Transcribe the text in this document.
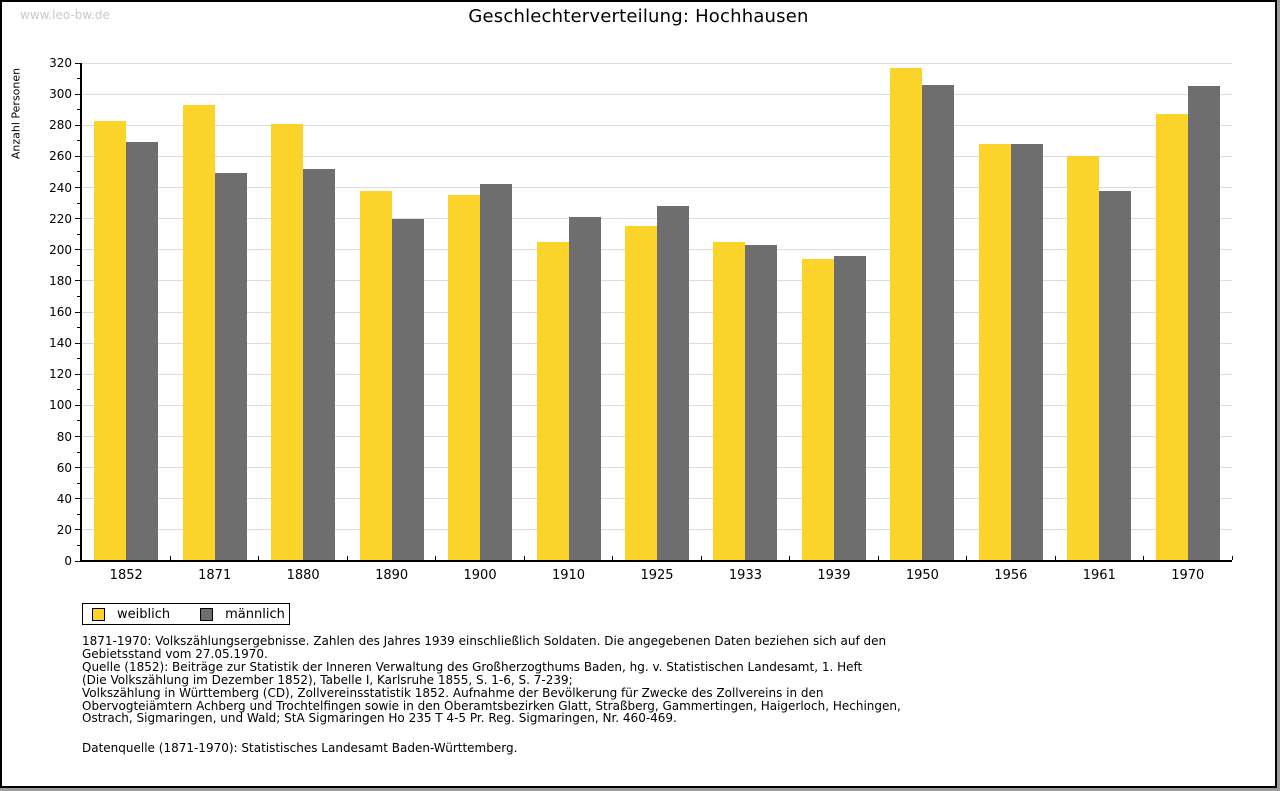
www.leo-bw.de	Geschlechterverteilung: Hochhausen
Anzahl Personen
0
20
40
60
80
100
120
140
160
180
200
220
240
260
280
300
320
1852	1871	1880	1890	1900	1910	1925	1933	1939	1950	1956	1961	1970
weiblich	männlich
1871-1970: Volkszählungsergebnisse. Zahlen des Jahres 1939 einschließlich Soldaten. Die angegebenen Daten beziehen sich auf den
Gebietsstand vom 27.05.1970.
Quelle (1852): Beiträge zur Statistik der Inneren Verwaltung des Großherzogthums Baden, hg. v. Statistischen Landesamt, 1. Heft
(Die Volkszählung im Dezember 1852), Tabelle I, Karlsruhe 1855, S. 1-6, S. 7-239;
Volkszählung in Württemberg (CD), Zollvereinsstatistik 1852. Aufnahme der Bevölkerung für Zwecke des Zollvereins in den
Obervogteiämtern Achberg und Trochtelfingen sowie in den Oberamtsbezirken Glatt, Straßberg, Gammertingen, Haigerloch, Hechingen,
Ostrach, Sigmaringen, und Wald; StA Sigmaringen Ho 235 T 4-5 Pr. Reg. Sigmaringen, Nr. 460-469.
Datenquelle (1871-1970): Statistisches Landesamt Baden-Württemberg.
